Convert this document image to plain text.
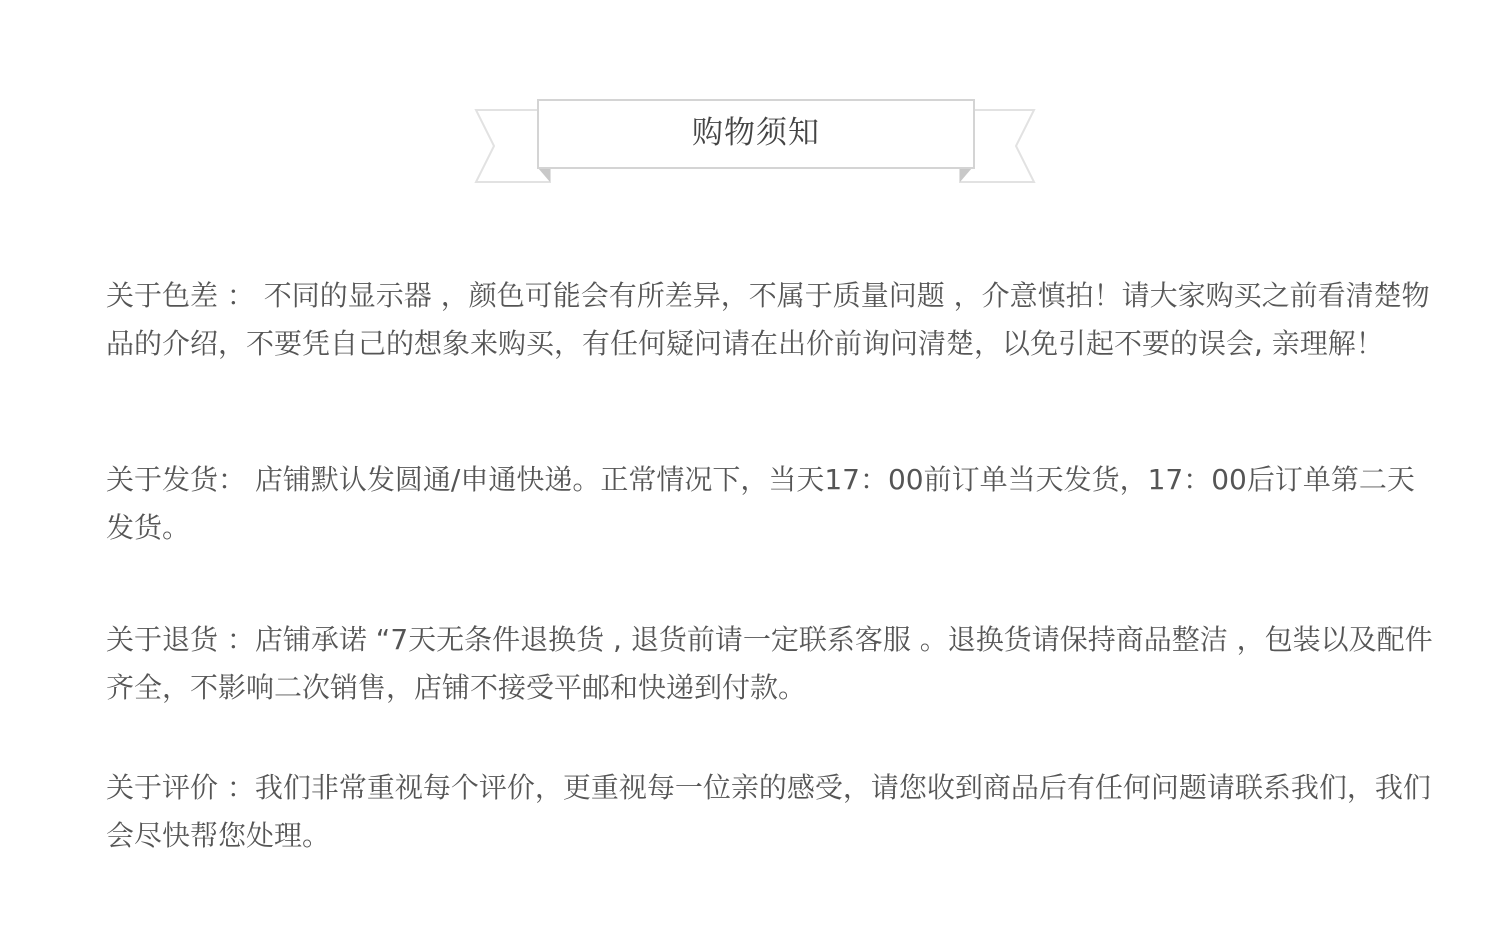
购物须知

关于色差 ： 不同的显示器 ，颜色可能会有所差异，不属于质量问题 ，介意慎拍！请大家购买之前看清楚物品的介绍，不要凭自己的想象来购买，有任何疑问请在出价前询问清楚，以免引起不要的误会, 亲理解！

关于发货： 店铺默认发圆通/申通快递。正常情况下，当天17：00前订单当天发货，17：00后订单第二天发货。

关于退货 ：店铺承诺 “7天无条件退换货 , 退货前请一定联系客服 。退换货请保持商品整洁 ，包装以及配件齐全，不影响二次销售，店铺不接受平邮和快递到付款。

关于评价 ：我们非常重视每个评价，更重视每一位亲的感受，请您收到商品后有任何问题请联系我们，我们会尽快帮您处理。
